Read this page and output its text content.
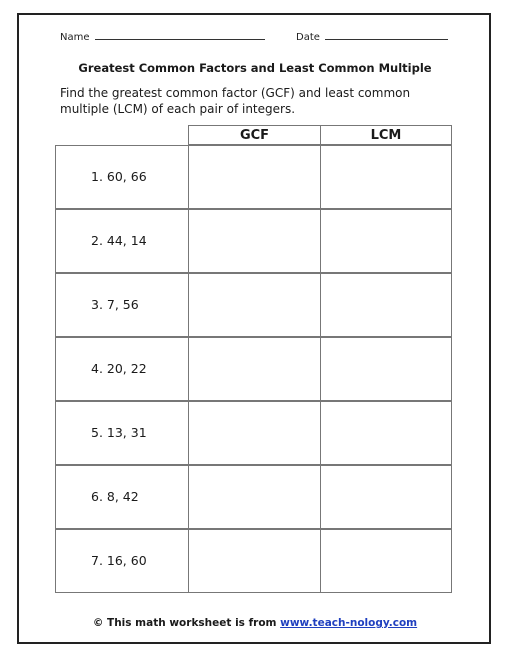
Name	Date
Greatest Common Factors and Least Common Multiple
Find the greatest common factor (GCF) and least common multiple (LCM) of each pair of integers.
GCF	LCM
1. 60, 66
2. 44, 14
3. 7, 56
4. 20, 22
5. 13, 31
6. 8, 42
7. 16, 60
© This math worksheet is from www.teach-nology.com
